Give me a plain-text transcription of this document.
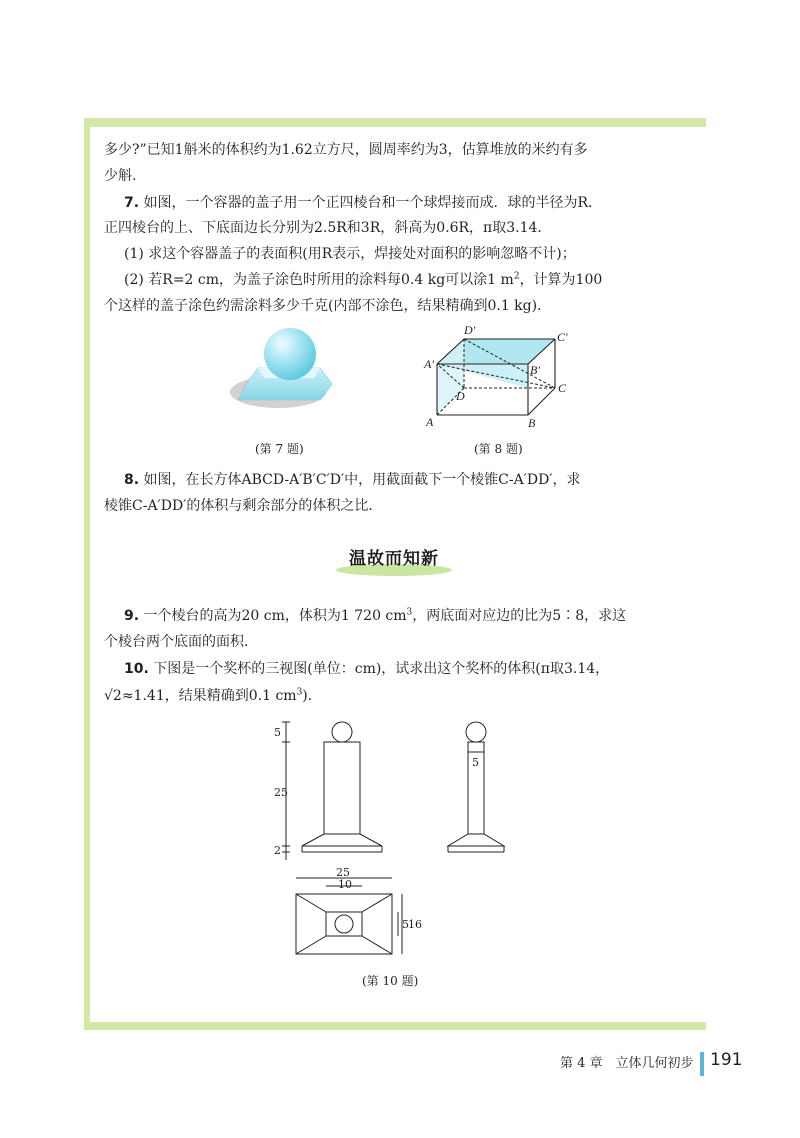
多少?”已知1斛米的体积约为1.62立方尺，圆周率约为3，估算堆放的米约有多
少斛.
7. 如图，一个容器的盖子用一个正四棱台和一个球焊接而成．球的半径为R．
正四棱台的上、下底面边长分别为2.5R和3R，斜高为0.6R，π取3.14．
(1) 求这个容器盖子的表面积(用R表示，焊接处对面积的影响忽略不计)；
(2) 若R=2 cm，为盖子涂色时所用的涂料每0.4 kg可以涂1 $m^2$，计算为100
个这样的盖子涂色约需涂料多少千克(内部不涂色，结果精确到0.1 kg)．
(第 7 题)
D′	C′
A′	B′
D
C
A	B
(第 8 题)
8. 如图，在长方体ABCD-A′B′C′D′中，用截面截下一个棱锥C-A′DD′，求
棱锥C-A′DD′的体积与剩余部分的体积之比．
温故而知新
9. 一个棱台的高为20 cm，体积为1 720 $cm^3$，两底面对应边的比为5∶8，求这
个棱台两个底面的面积．
10. 下图是一个奖杯的三视图(单位：cm)，试求出这个奖杯的体积(π取3.14，
√2≈1.41，结果精确到0.1 $cm^3$)．
5
25
2
5
25
10
5 16
(第 10 题)
第 4 章　立体几何初步 191
